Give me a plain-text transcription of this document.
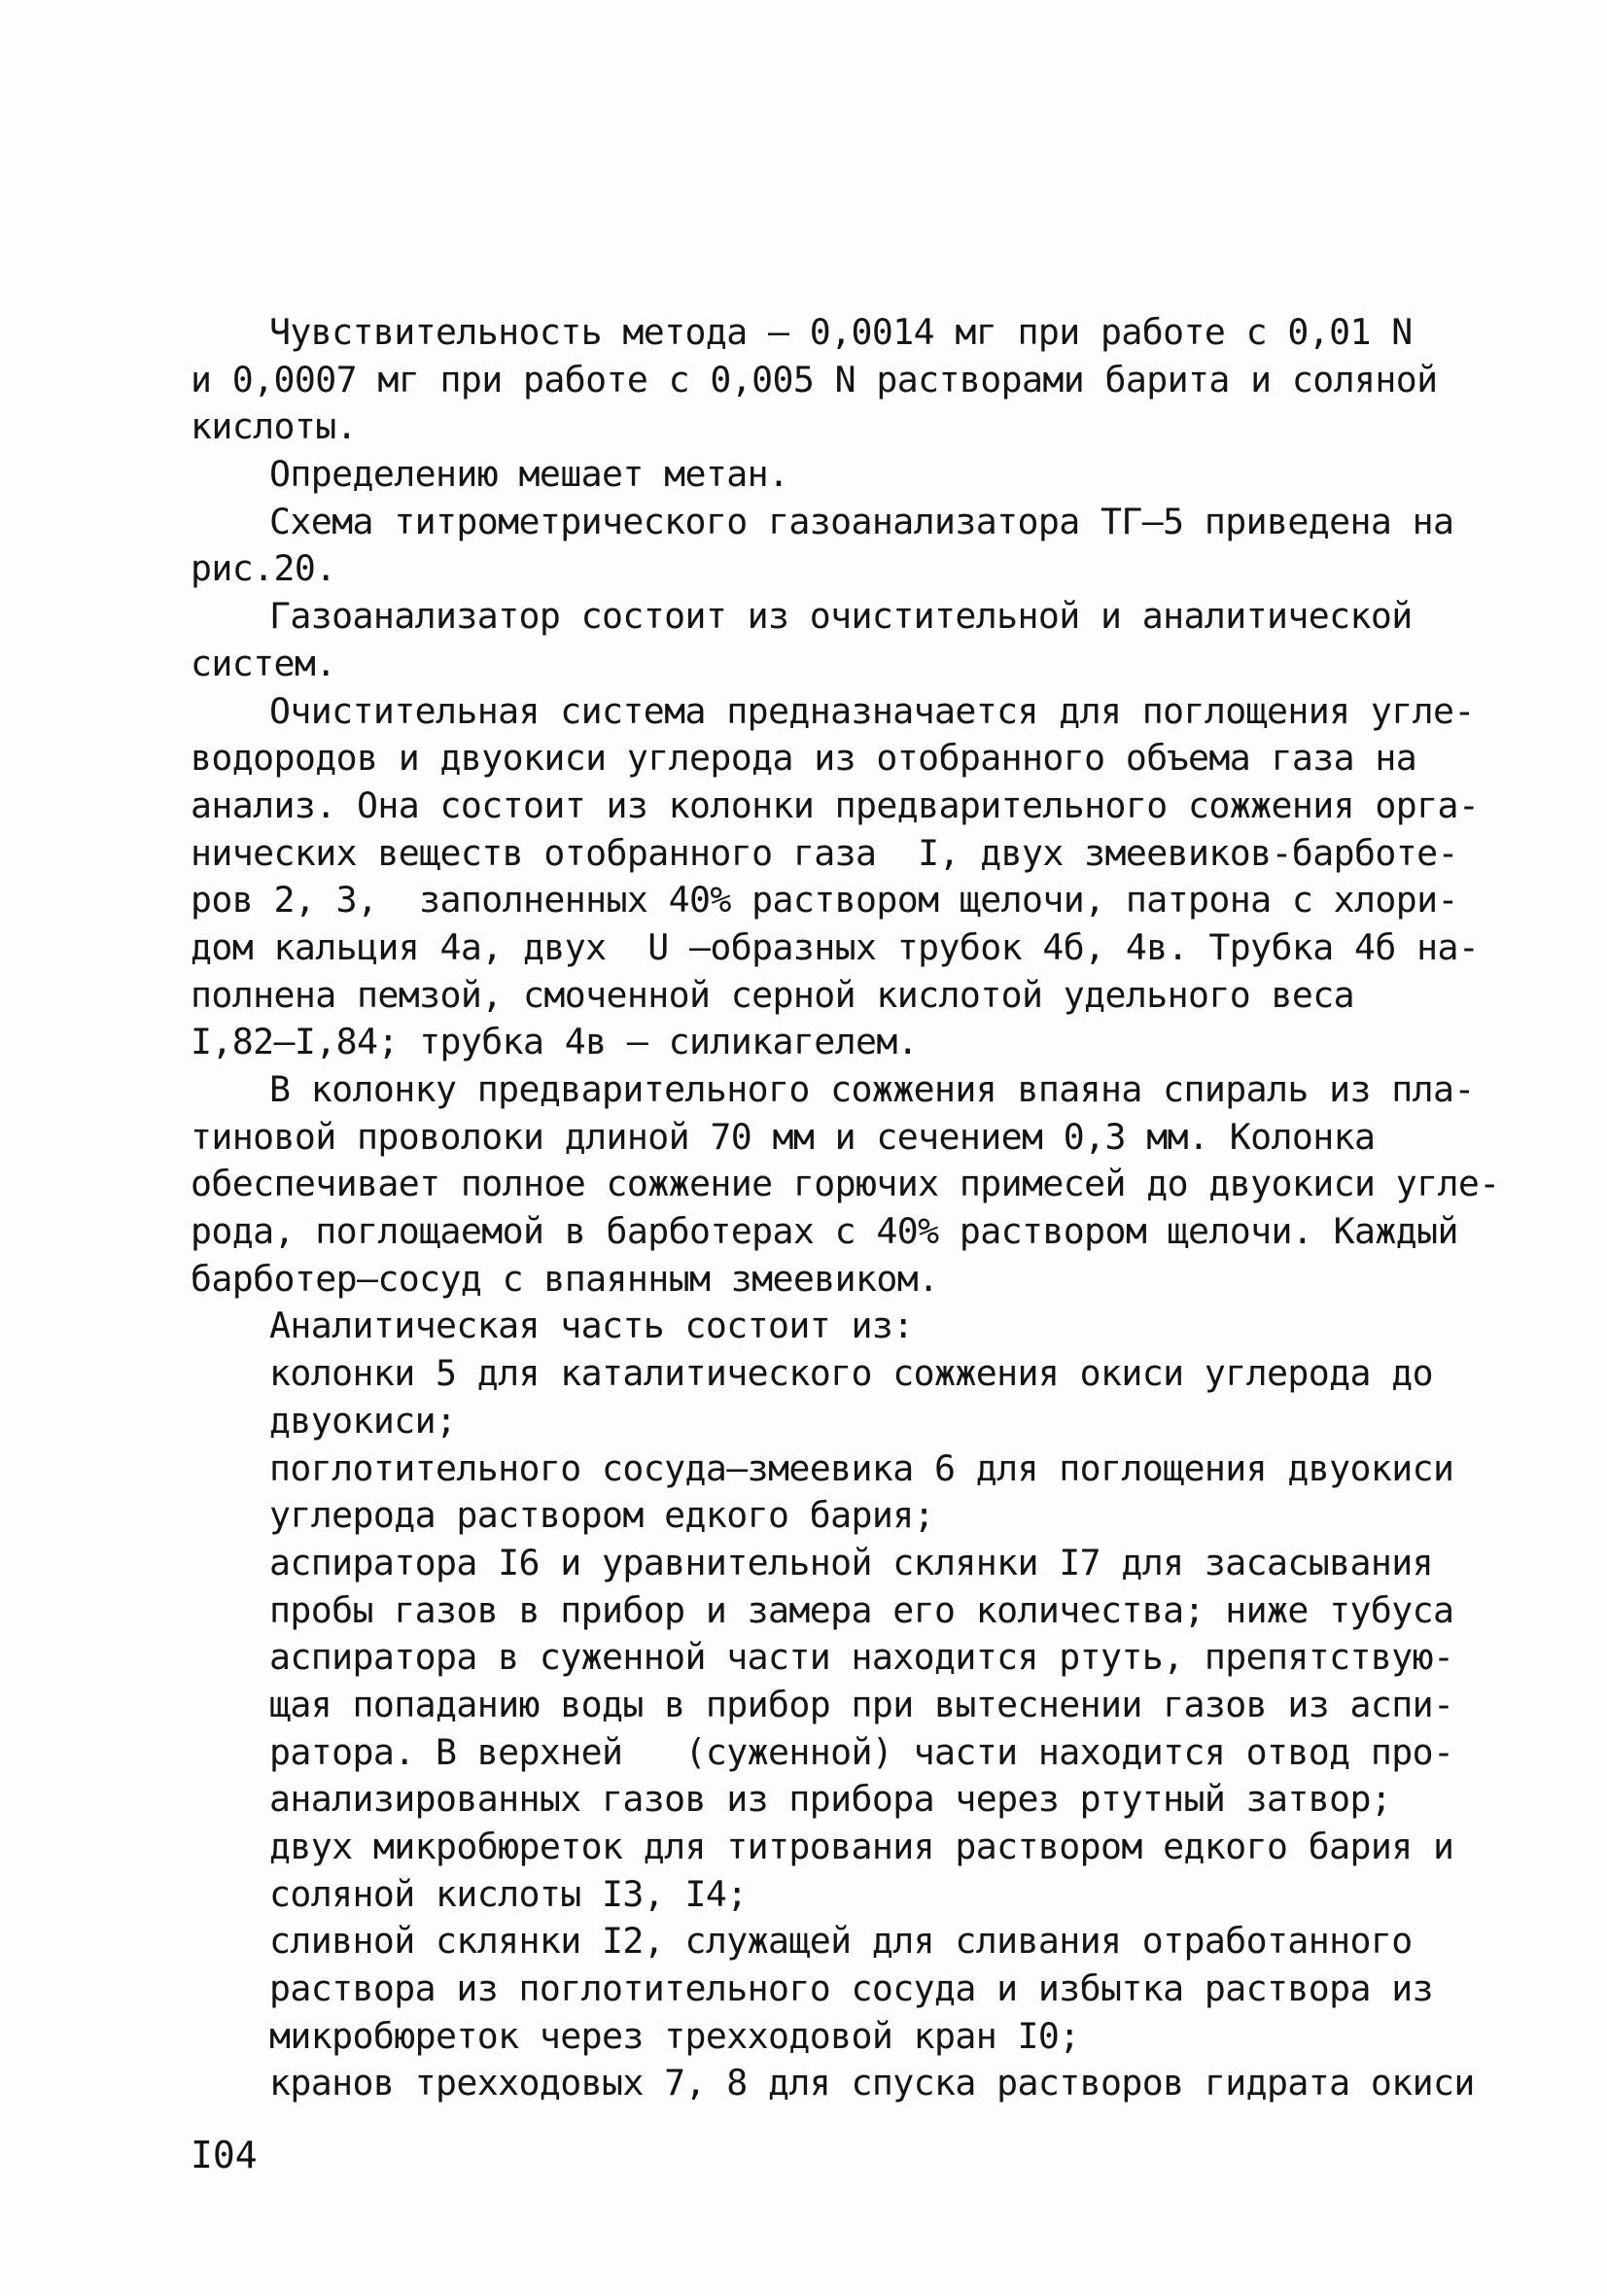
Чувствительность метода – 0,0014 мг при работе с 0,01 N
и 0,0007 мг при работе с 0,005 N растворами барита и соляной
кислоты.
Определению мешает метан.
Схема титрометрического газоанализатора ТГ–5 приведена на
рис.20.
Газоанализатор состоит из очистительной и аналитической
систем.
Очистительная система предназначается для поглощения угле-
водородов и двуокиси углерода из отобранного объема газа на
анализ. Она состоит из колонки предварительного сожжения орга-
нических веществ отобранного газа  I, двух змеевиков-барботе-
ров 2, 3,  заполненных 40% раствором щелочи, патрона с хлори-
дом кальция 4а, двух  U –образных трубок 4б, 4в. Трубка 4б на-
полнена пемзой, смоченной серной кислотой удельного веса
I,82–I,84; трубка 4в – силикагелем.
В колонку предварительного сожжения впаяна спираль из пла-
тиновой проволоки длиной 70 мм и сечением 0,3 мм. Колонка
обеспечивает полное сожжение горючих примесей до двуокиси угле-
рода, поглощаемой в барботерах с 40% раствором щелочи. Каждый
барботер–сосуд с впаянным змеевиком.
Аналитическая часть состоит из:
колонки 5 для каталитического сожжения окиси углерода до
двуокиси;
поглотительного сосуда–змеевика 6 для поглощения двуокиси
углерода раствором едкого бария;
аспиратора I6 и уравнительной склянки I7 для засасывания
пробы газов в прибор и замера его количества; ниже тубуса
аспиратора в суженной части находится ртуть, препятствую-
щая попаданию воды в прибор при вытеснении газов из аспи-
ратора. В верхней   (суженной) части находится отвод про-
анализированных газов из прибора через ртутный затвор;
двух микробюреток для титрования раствором едкого бария и
соляной кислоты I3, I4;
сливной склянки I2, служащей для сливания отработанного
раствора из поглотительного сосуда и избытка раствора из
микробюреток через трехходовой кран I0;
кранов трехходовых 7, 8 для спуска растворов гидрата окиси
I04
